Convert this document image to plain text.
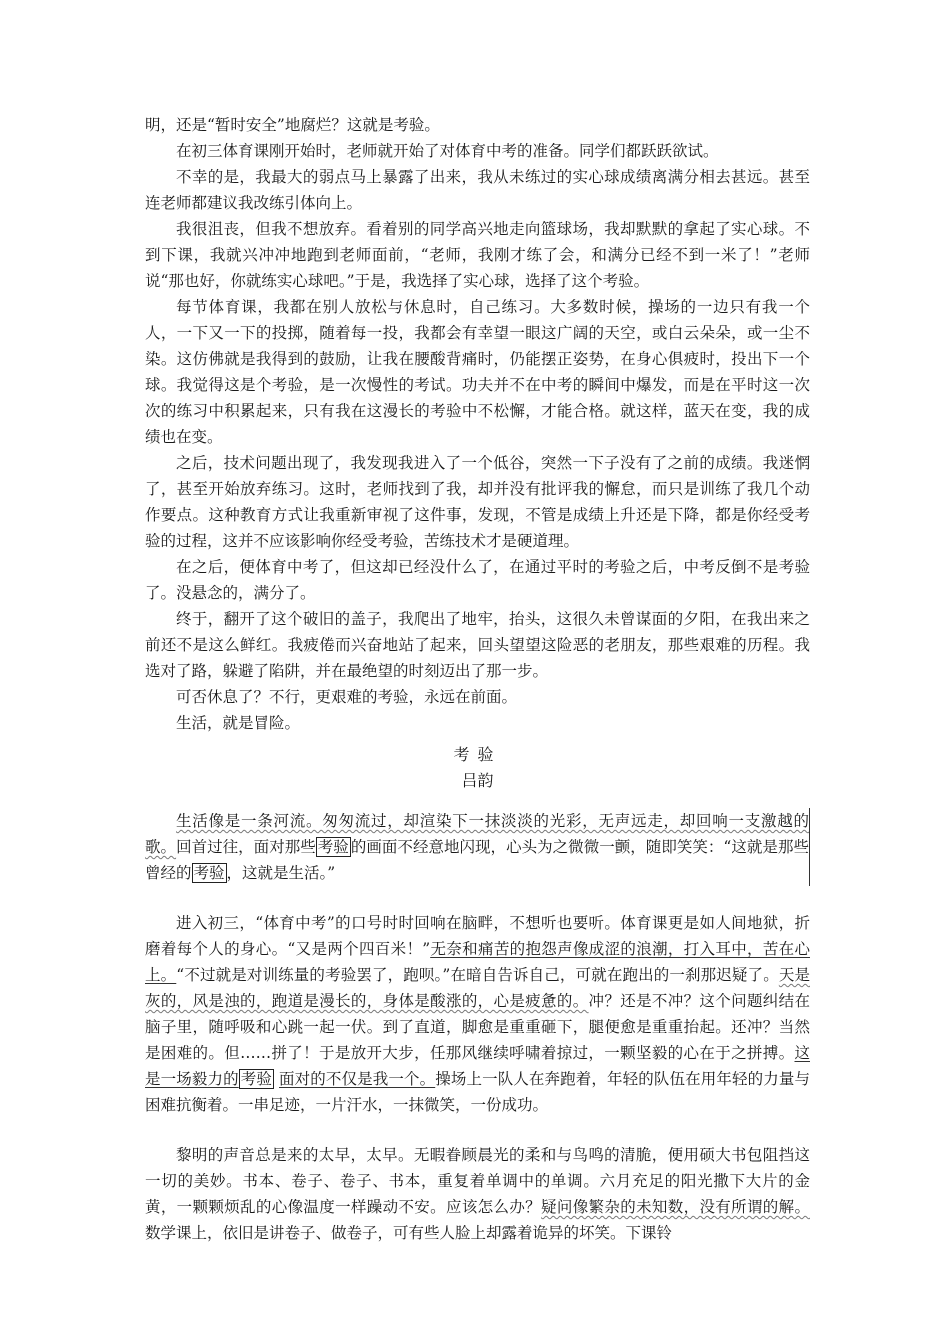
明，还是“暂时安全”地腐烂？这就是考验。

在初三体育课刚开始时，老师就开始了对体育中考的准备。同学们都跃跃欲试。

不幸的是，我最大的弱点马上暴露了出来，我从未练过的实心球成绩离满分相去甚远。甚至连老师都建议我改练引体向上。

我很沮丧，但我不想放弃。看着别的同学高兴地走向篮球场，我却默默的拿起了实心球。不到下课，我就兴冲冲地跑到老师面前，“老师，我刚才练了会，和满分已经不到一米了！”老师说“那也好，你就练实心球吧。”于是，我选择了实心球，选择了这个考验。

每节体育课，我都在别人放松与休息时，自己练习。大多数时候，操场的一边只有我一个人，一下又一下的投掷，随着每一投，我都会有幸望一眼这广阔的天空，或白云朵朵，或一尘不染。这仿佛就是我得到的鼓励，让我在腰酸背痛时，仍能摆正姿势，在身心俱疲时，投出下一个球。我觉得这是个考验，是一次慢性的考试。功夫并不在中考的瞬间中爆发，而是在平时这一次次的练习中积累起来，只有我在这漫长的考验中不松懈，才能合格。就这样，蓝天在变，我的成绩也在变。

之后，技术问题出现了，我发现我进入了一个低谷，突然一下子没有了之前的成绩。我迷惘了，甚至开始放弃练习。这时，老师找到了我，却并没有批评我的懈怠，而只是训练了我几个动作要点。这种教育方式让我重新审视了这件事，发现，不管是成绩上升还是下降，都是你经受考验的过程，这并不应该影响你经受考验，苦练技术才是硬道理。

在之后，便体育中考了，但这却已经没什么了，在通过平时的考验之后，中考反倒不是考验了。没悬念的，满分了。

终于，翻开了这个破旧的盖子，我爬出了地牢，抬头，这很久未曾谋面的夕阳，在我出来之前还不是这么鲜红。我疲倦而兴奋地站了起来，回头望望这险恶的老朋友，那些艰难的历程。我选对了路，躲避了陷阱，并在最绝望的时刻迈出了那一步。

可否休息了？不行，更艰难的考验，永远在前面。

生活，就是冒险。

考验
吕韵

生活像是一条河流。匆匆流过，却渲染下一抹淡淡的光彩，无声远走，却回响一支激越的歌。回首过往，面对那些 考验 的画面不经意地闪现，心头为之微微一颤，随即笑笑：“这就是那些曾经的 考验 ，这就是生活。”

进入初三，“体育中考”的口号时时回响在脑畔，不想听也要听。体育课更是如人间地狱，折磨着每个人的身心。“又是两个四百米！”无奈和痛苦的抱怨声像成涩的浪潮，打入耳中，苦在心上。“不过就是对训练量的考验罢了，跑呗。”在暗自告诉自己，可就在跑出的一刹那迟疑了。天是灰的，风是浊的，跑道是漫长的，身体是酸涨的，心是疲惫的。冲？还是不冲？这个问题纠结在脑子里，随呼吸和心跳一起一伏。到了直道，脚愈是重重砸下，腿便愈是重重抬起。还冲？当然是困难的。但……拼了！于是放开大步，任那风继续呼啸着掠过，一颗坚毅的心在于之拼搏。这是一场毅力的 考验 面对的不仅是我一个。操场上一队人在奔跑着，年轻的队伍在用年轻的力量与困难抗衡着。一串足迹，一片汗水，一抹微笑，一份成功。

黎明的声音总是来的太早，太早。无暇眷顾晨光的柔和与鸟鸣的清脆，便用硕大书包阻挡这一切的美妙。书本、卷子、卷子、书本，重复着单调中的单调。六月充足的阳光撒下大片的金黄，一颗颗烦乱的心像温度一样躁动不安。应该怎么办？疑问像繁杂的未知数，没有所谓的解。数学课上，依旧是讲卷子、做卷子，可有些人脸上却露着诡异的坏笑。下课铃
